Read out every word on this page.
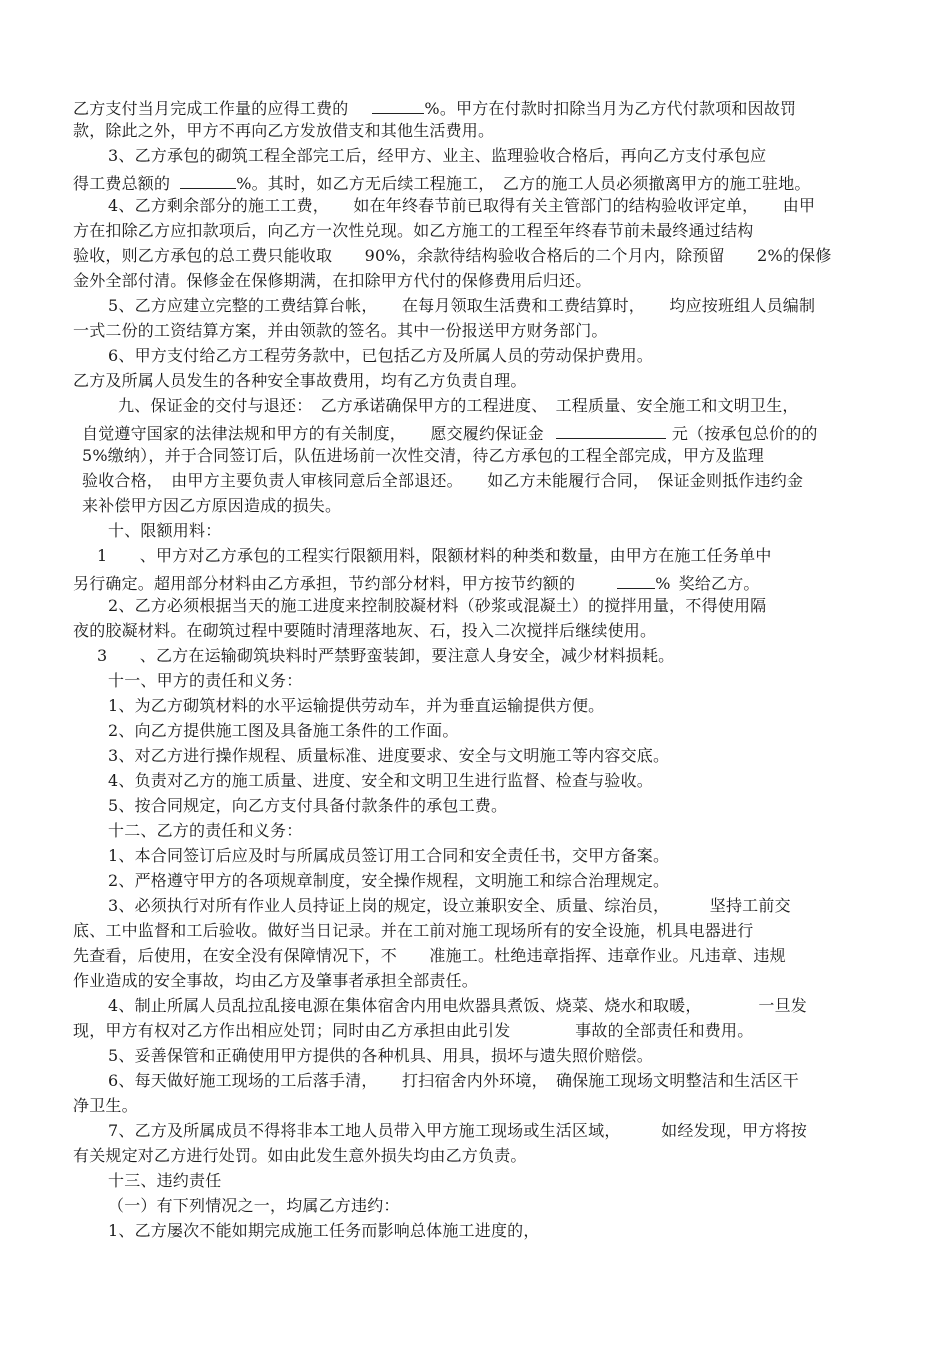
乙方支付当月完成工作量的应得工费的	%。甲方在付款时扣除当月为乙方代付款项和因故罚
款，除此之外，甲方不再向乙方发放借支和其他生活费用。
3、乙方承包的砌筑工程全部完工后，经甲方、业主、监理验收合格后，再向乙方支付承包应
得工费总额的	%。其时，如乙方无后续工程施工，　乙方的施工人员必须撤离甲方的施工驻地。
4、乙方剩余部分的施工工费，　　如在年终春节前已取得有关主管部门的结构验收评定单，　　由甲
方在扣除乙方应扣款项后，向乙方一次性兑现。如乙方施工的工程至年终春节前未最终通过结构
验收，则乙方承包的总工费只能收取　　90%，余款待结构验收合格后的二个月内，除预留　　2%的保修
金外全部付清。保修金在保修期满，在扣除甲方代付的保修费用后归还。
5、乙方应建立完整的工费结算台帐，　　在每月领取生活费和工费结算时，　　均应按班组人员编制
一式二份的工资结算方案，并由领款的签名。其中一份报送甲方财务部门。
6、甲方支付给乙方工程劳务款中，已包括乙方及所属人员的劳动保护费用。
乙方及所属人员发生的各种安全事故费用，均有乙方负责自理。
九、保证金的交付与退还：　乙方承诺确保甲方的工程进度、　工程质量、安全施工和文明卫生，
自觉遵守国家的法律法规和甲方的有关制度，　　愿交履约保证金	元（按承包总价的的
5%缴纳），并于合同签订后，队伍进场前一次性交清，待乙方承包的工程全部完成，甲方及监理
验收合格，　由甲方主要负责人审核同意后全部退还。　　如乙方未能履行合同，　保证金则抵作违约金
来补偿甲方因乙方原因造成的损失。
十、限额用料：
1　　、甲方对乙方承包的工程实行限额用料，限额材料的种类和数量，由甲方在施工任务单中
另行确定。超用部分材料由乙方承担，节约部分材料，甲方按节约额的	% 奖给乙方。
2、乙方必须根据当天的施工进度来控制胶凝材料（砂浆或混凝土）的搅拌用量，不得使用隔
夜的胶凝材料。在砌筑过程中要随时清理落地灰、石，投入二次搅拌后继续使用。
3　　、乙方在运输砌筑块料时严禁野蛮装卸，要注意人身安全，减少材料损耗。
十一、甲方的责任和义务：
1、为乙方砌筑材料的水平运输提供劳动车，并为垂直运输提供方便。
2、向乙方提供施工图及具备施工条件的工作面。
3、对乙方进行操作规程、质量标准、进度要求、安全与文明施工等内容交底。
4、负责对乙方的施工质量、进度、安全和文明卫生进行监督、检查与验收。
5、按合同规定，向乙方支付具备付款条件的承包工费。
十二、乙方的责任和义务：
1、本合同签订后应及时与所属成员签订用工合同和安全责任书，交甲方备案。
2、严格遵守甲方的各项规章制度，安全操作规程，文明施工和综合治理规定。
3、必须执行对所有作业人员持证上岗的规定，设立兼职安全、质量、综治员，　　　坚持工前交
底、工中监督和工后验收。做好当日记录。并在工前对施工现场所有的安全设施，机具电器进行
先查看，后使用，在安全没有保障情况下，不　　准施工。杜绝违章指挥、违章作业。凡违章、违规
作业造成的安全事故，均由乙方及肇事者承担全部责任。
4、制止所属人员乱拉乱接电源在集体宿舍内用电炊器具煮饭、烧菜、烧水和取暖，　　　　一旦发
现，甲方有权对乙方作出相应处罚；同时由乙方承担由此引发　　　　事故的全部责任和费用。
5、妥善保管和正确使用甲方提供的各种机具、用具，损坏与遗失照价赔偿。
6、每天做好施工现场的工后落手清，　　打扫宿舍内外环境，　确保施工现场文明整洁和生活区干
净卫生。
7、乙方及所属成员不得将非本工地人员带入甲方施工现场或生活区域，　　　如经发现，甲方将按
有关规定对乙方进行处罚。如由此发生意外损失均由乙方负责。
十三、违约责任
（一）有下列情况之一，均属乙方违约：
1、乙方屡次不能如期完成施工任务而影响总体施工进度的，
